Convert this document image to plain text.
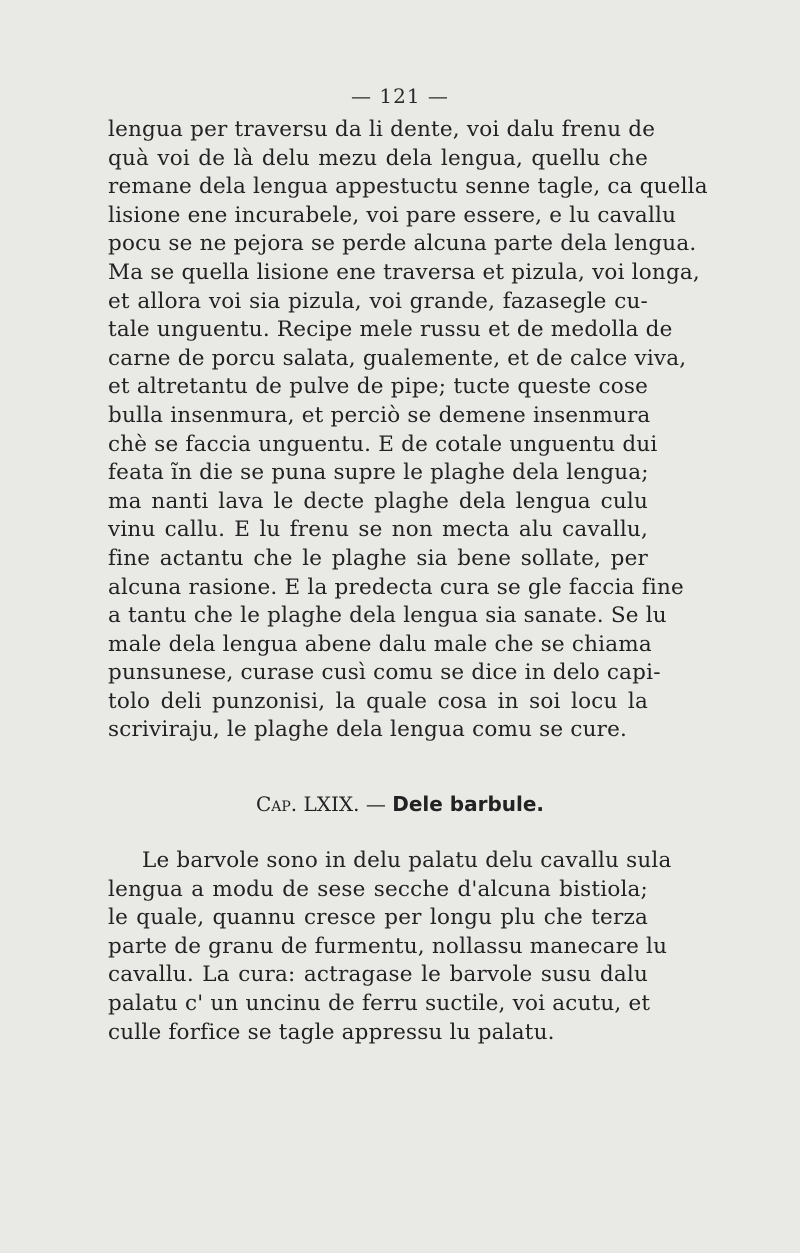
— 121 —
lengua per traversu da li dente, voi dalu frenu de
quà voi de là delu mezu dela lengua, quellu che
remane dela lengua appestuctu senne tagle, ca quella
lisione ene incurabele, voi pare essere, e lu cavallu
pocu se ne pejora se perde alcuna parte dela lengua.
Ma se quella lisione ene traversa et pizula, voi longa,
et allora voi sia pizula, voi grande, fazasegle cu-
tale unguentu. Recipe mele russu et de medolla de
carne de porcu salata, gualemente, et de calce viva,
et altretantu de pulve de pipe; tucte queste cose
bulla insenmura, et perciò se demene insenmura
chè se faccia unguentu. E de cotale unguentu dui
feata ĩn die se puna supre le plaghe dela lengua;
ma nanti lava le decte plaghe dela lengua culu
vinu callu. E lu frenu se non mecta alu cavallu,
fine actantu che le plaghe sia bene sollate, per
alcuna rasione. E la predecta cura se gle faccia fine
a tantu che le plaghe dela lengua sia sanate. Se lu
male dela lengua abene dalu male che se chiama
punsunese, curase cusì comu se dice in delo capi-
tolo deli punzonisi, la quale cosa in soi locu la
scriviraju, le plaghe dela lengua comu se cure.
Cap. LXIX. — Dele barbule.
Le barvole sono in delu palatu delu cavallu sula
lengua a modu de sese secche d'alcuna bistiola;
le quale, quannu cresce per longu plu che terza
parte de granu de furmentu, nollassu manecare lu
cavallu. La cura: actragase le barvole susu dalu
palatu c' un uncinu de ferru suctile, voi acutu, et
culle forfice se tagle appressu lu palatu.
